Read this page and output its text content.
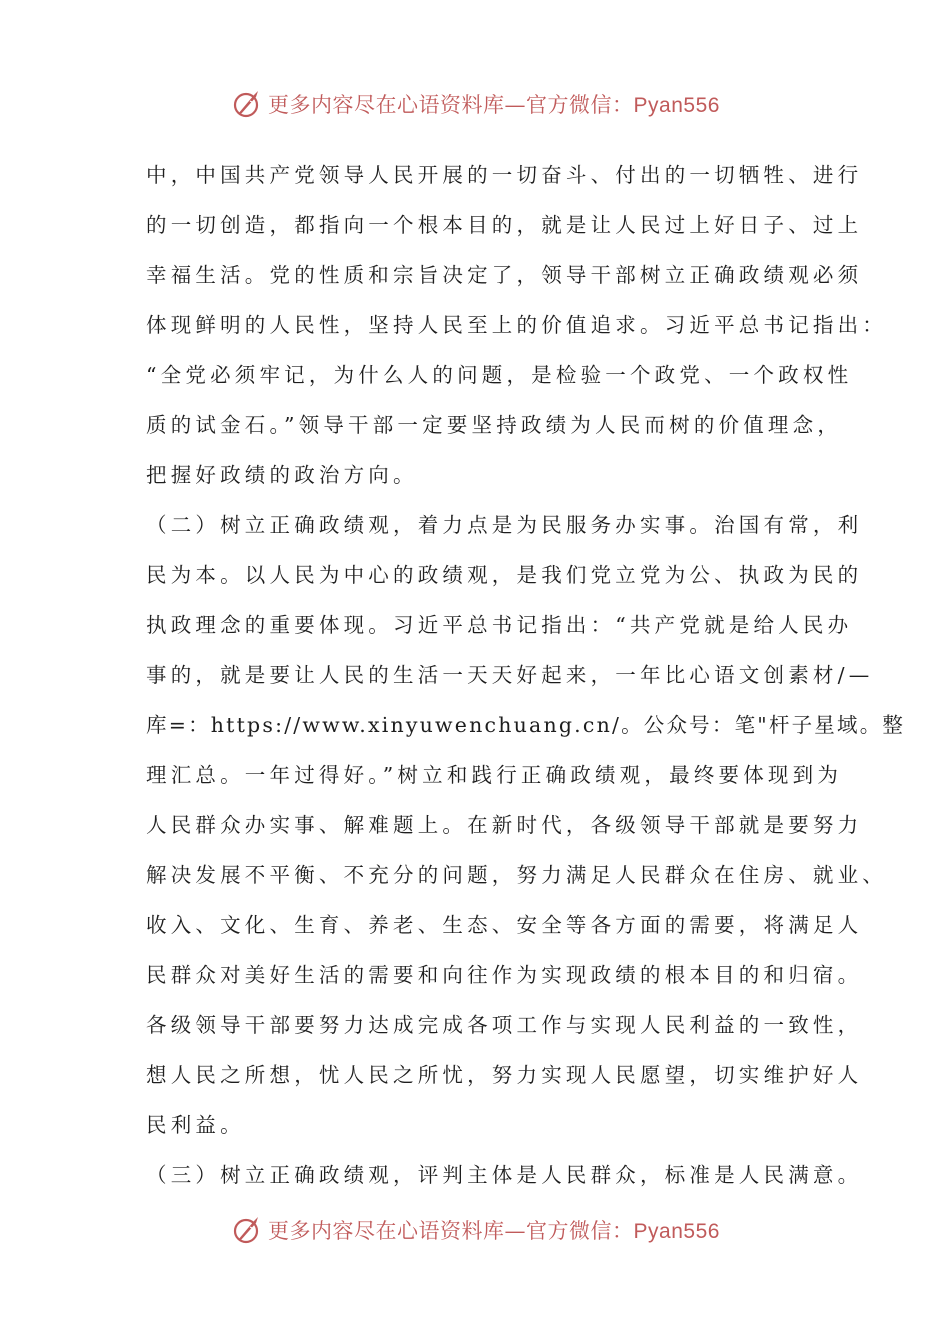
更多内容尽在心语资料库—官方微信：Pyan556
中，中国共产党领导人民开展的一切奋斗、付出的一切牺牲、进行
的一切创造，都指向一个根本目的，就是让人民过上好日子、过上
幸福生活。党的性质和宗旨决定了，领导干部树立正确政绩观必须
体现鲜明的人民性，坚持人民至上的价值追求。习近平总书记指出：
“全党必须牢记，为什么人的问题，是检验一个政党、一个政权性
质的试金石。”领导干部一定要坚持政绩为人民而树的价值理念，
把握好政绩的政治方向。
（二）树立正确政绩观，着力点是为民服务办实事。治国有常，利
民为本。以人民为中心的政绩观，是我们党立党为公、执政为民的
执政理念的重要体现。习近平总书记指出：“共产党就是给人民办
事的，就是要让人民的生活一天天好起来，一年比心语文创素材/—
库=：https://www.xinyuwenchuang.cn/。公众号：笔"杆子星域。整
理汇总。一年过得好。”树立和践行正确政绩观，最终要体现到为
人民群众办实事、解难题上。在新时代，各级领导干部就是要努力
解决发展不平衡、不充分的问题，努力满足人民群众在住房、就业、
收入、文化、生育、养老、生态、安全等各方面的需要，将满足人
民群众对美好生活的需要和向往作为实现政绩的根本目的和归宿。
各级领导干部要努力达成完成各项工作与实现人民利益的一致性，
想人民之所想，忧人民之所忧，努力实现人民愿望，切实维护好人
民利益。
（三）树立正确政绩观，评判主体是人民群众，标准是人民满意。
更多内容尽在心语资料库—官方微信：Pyan556
